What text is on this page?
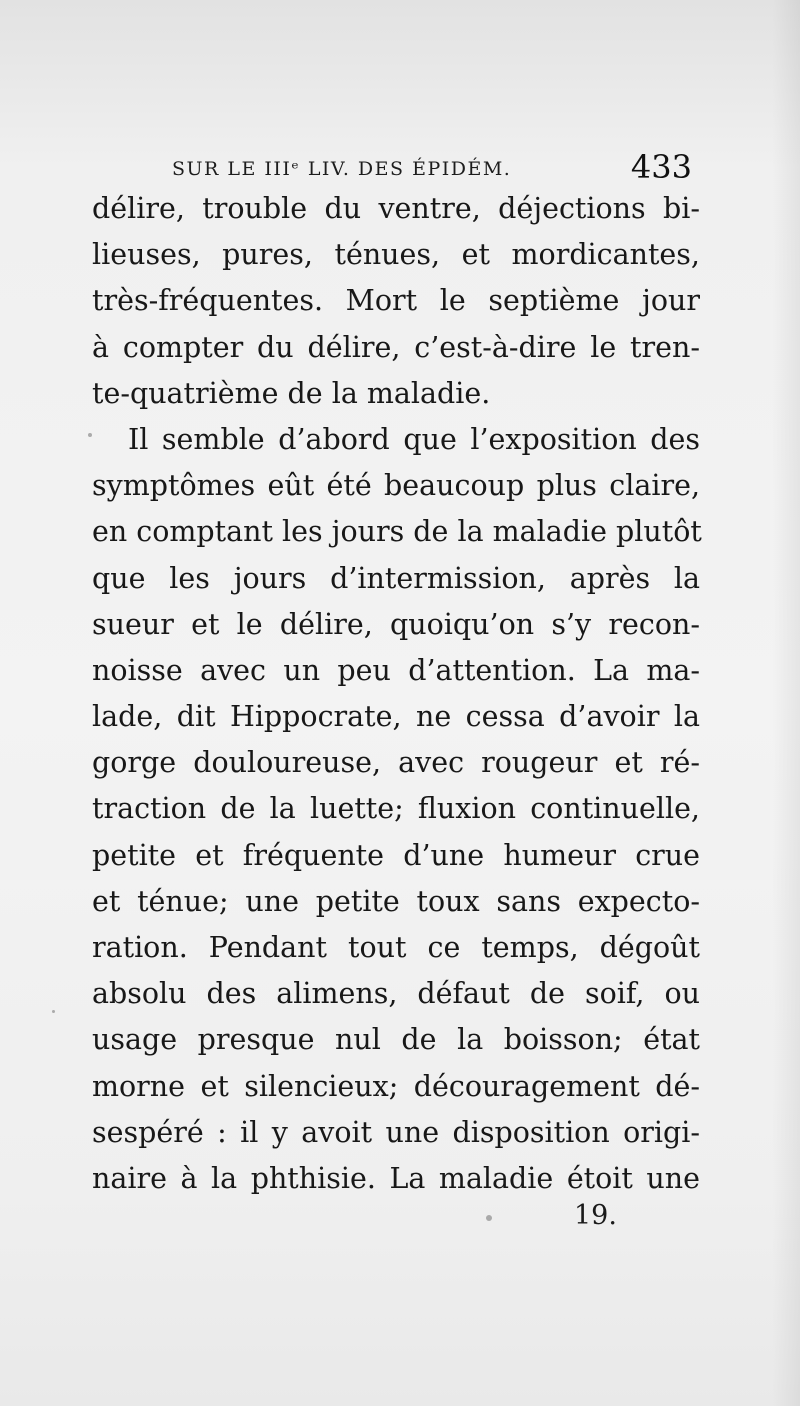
SUR LE IIIᵉ LIV. DES ÉPIDÉM.	433
délire, trouble du ventre, déjections bi-
lieuses, pures, ténues, et mordicantes,
très-fréquentes. Mort le septième jour
à compter du délire, c’est-à-dire le tren-
te-quatrième de la maladie.
Il semble d’abord que l’exposition des
symptômes eût été beaucoup plus claire,
en comptant les jours de la maladie plutôt
que les jours d’intermission, après la
sueur et le délire, quoiqu’on s’y recon-
noisse avec un peu d’attention. La ma-
lade, dit Hippocrate, ne cessa d’avoir la
gorge douloureuse, avec rougeur et ré-
traction de la luette; fluxion continuelle,
petite et fréquente d’une humeur crue
et ténue; une petite toux sans expecto-
ration. Pendant tout ce temps, dégoût
absolu des alimens, défaut de soif, ou
usage presque nul de la boisson; état
morne et silencieux; découragement dé-
sespéré : il y avoit une disposition origi-
naire à la phthisie. La maladie étoit une
19.
